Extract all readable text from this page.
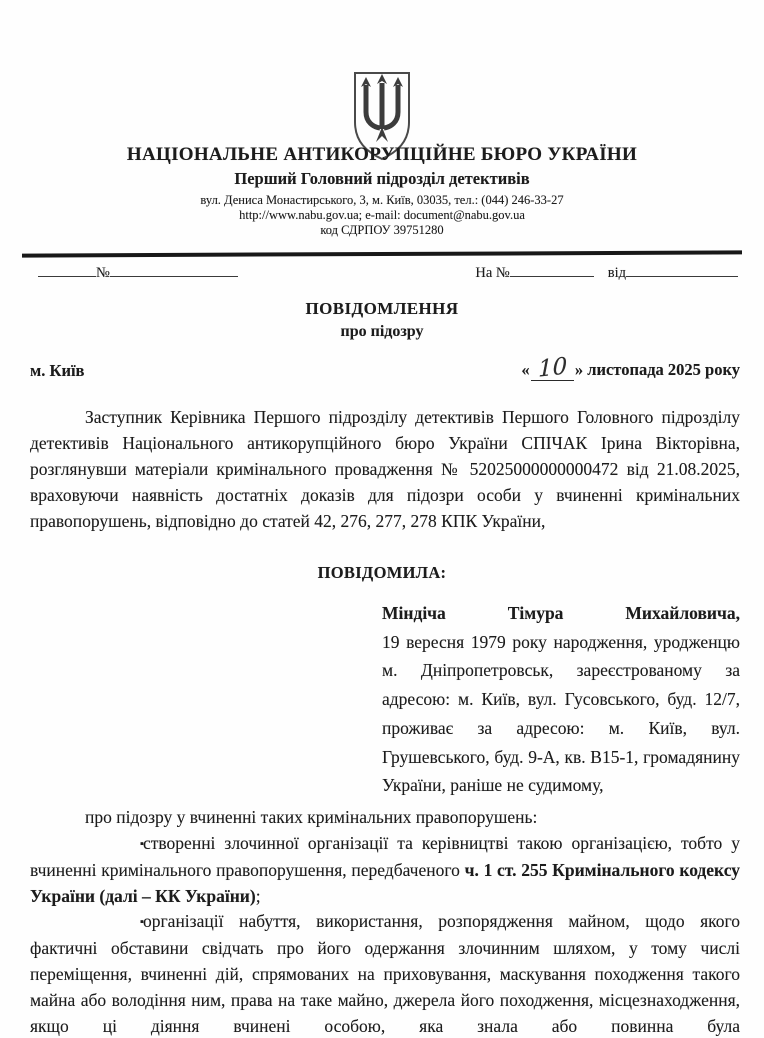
НАЦІОНАЛЬНЕ АНТИКОРУПЦІЙНЕ БЮРО УКРАЇНИ
Перший Головний підрозділ детективів
вул. Дениса Монастирського, 3, м. Київ, 03035, тел.: (044) 246-33-27
http://www.nabu.gov.ua; e-mail: document@nabu.gov.ua
код СДРПОУ 39751280
№	На №	від
ПОВІДОМЛЕННЯ
про підозру
м. Київ	« 10 » листопада 2025 року

Заступник Керівника Першого підрозділу детективів Першого Головного підрозділу детективів Національного антикорупційного бюро України СПІЧАК Ірина Вікторівна, розглянувши матеріали кримінального провадження № 52025000000000472 від 21.08.2025, враховуючи наявність достатніх доказів для підозри особи у вчиненні кримінальних правопорушень, відповідно до статей 42, 276, 277, 278 КПК України,

ПОВІДОМИЛА:

Міндіча Тімура Михайловича,
19 вересня 1979 року народження, уродженцю м. Дніпропетровськ, зареєстрованому за адресою: м. Київ, вул. Гусовського, буд. 12/7, проживає за адресою: м. Київ, вул. Грушевського, буд. 9-А, кв. В15-1, громадянину України, раніше не судимому,

про підозру у вчиненні таких кримінальних правопорушень:

▪створенні злочинної організації та керівництві такою організацією, тобто у вчиненні кримінального правопорушення, передбаченого ч. 1 ст. 255 Кримінального кодексу України (далі – КК України);

▪організації набуття, використання, розпорядження майном, щодо якого фактичні обставини свідчать про його одержання злочинним шляхом, у тому числі переміщення, вчиненні дій, спрямованих на приховування, маскування походження такого майна або володіння ним, права на таке майно, джерела його походження, місцезнаходження, якщо ці діяння вчинені особою, яка знала або повинна була
